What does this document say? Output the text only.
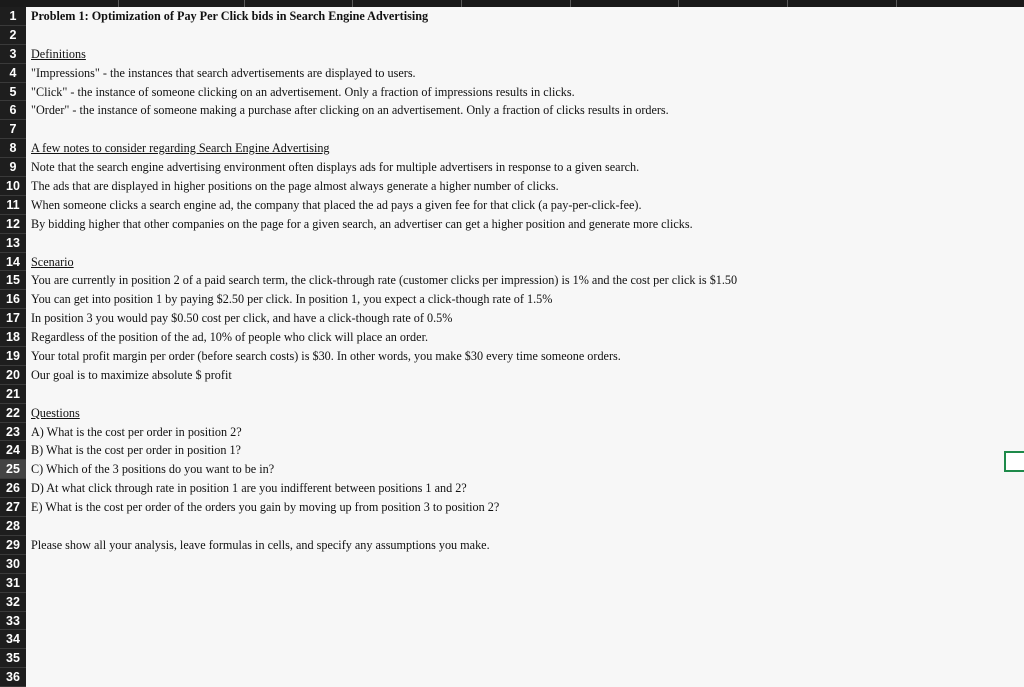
1	Problem 1: Optimization of Pay Per Click bids in Search Engine Advertising
2
3	Definitions
4	"Impressions" - the instances that search advertisements are displayed to users.
5	"Click" - the instance of someone clicking on an advertisement. Only a fraction of impressions results in clicks.
6	"Order" - the instance of someone making a purchase after clicking on an advertisement. Only a fraction of clicks results in orders.
7
8	A few notes to consider regarding Search Engine Advertising
9	Note that the search engine advertising environment often displays ads for multiple advertisers in response to a given search.
10 The ads that are displayed in higher positions on the page almost always generate a higher number of clicks.
11 When someone clicks a search engine ad, the company that placed the ad pays a given fee for that click (a pay-per-click-fee).
12 By bidding higher that other companies on the page for a given search, an advertiser can get a higher position and generate more clicks.
13
14 Scenario
15 You are currently in position 2 of a paid search term, the click-through rate (customer clicks per impression) is 1% and the cost per click is $1.50
16 You can get into position 1 by paying $2.50 per click. In position 1, you expect a click-though rate of 1.5%
17 In position 3 you would pay $0.50 cost per click, and have a click-though rate of 0.5%
18 Regardless of the position of the ad, 10% of people who click will place an order.
19 Your total profit margin per order (before search costs) is $30. In other words, you make $30 every time someone orders.
20 Our goal is to maximize absolute $ profit
21
22 Questions
23 A) What is the cost per order in position 2?
24 B) What is the cost per order in position 1?
25 C) Which of the 3 positions do you want to be in?
26 D) At what click through rate in position 1 are you indifferent between positions 1 and 2?
27 E) What is the cost per order of the orders you gain by moving up from position 3 to position 2?
28
29 Please show all your analysis, leave formulas in cells, and specify any assumptions you make.
30
31
32
33
34
35
36
